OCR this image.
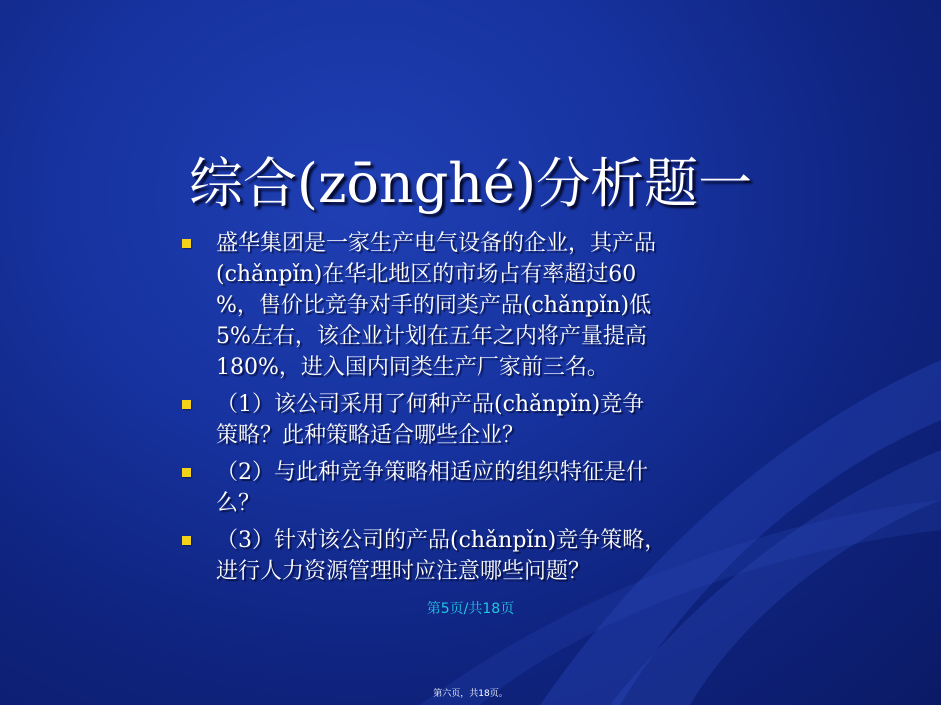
综合(zōnghé)分析题一
盛华集团是一家生产电气设备的企业，其产品
(chǎnpǐn)在华北地区的市场占有率超过60
%，售价比竞争对手的同类产品(chǎnpǐn)低
5%左右，该企业计划在五年之内将产量提高
180%，进入国内同类生产厂家前三名。
（1）该公司采用了何种产品(chǎnpǐn)竞争
策略？此种策略适合哪些企业？
（2）与此种竞争策略相适应的组织特征是什
么？
（3）针对该公司的产品(chǎnpǐn)竞争策略，
进行人力资源管理时应注意哪些问题？
第5页/共18页
第六页，共18页。
